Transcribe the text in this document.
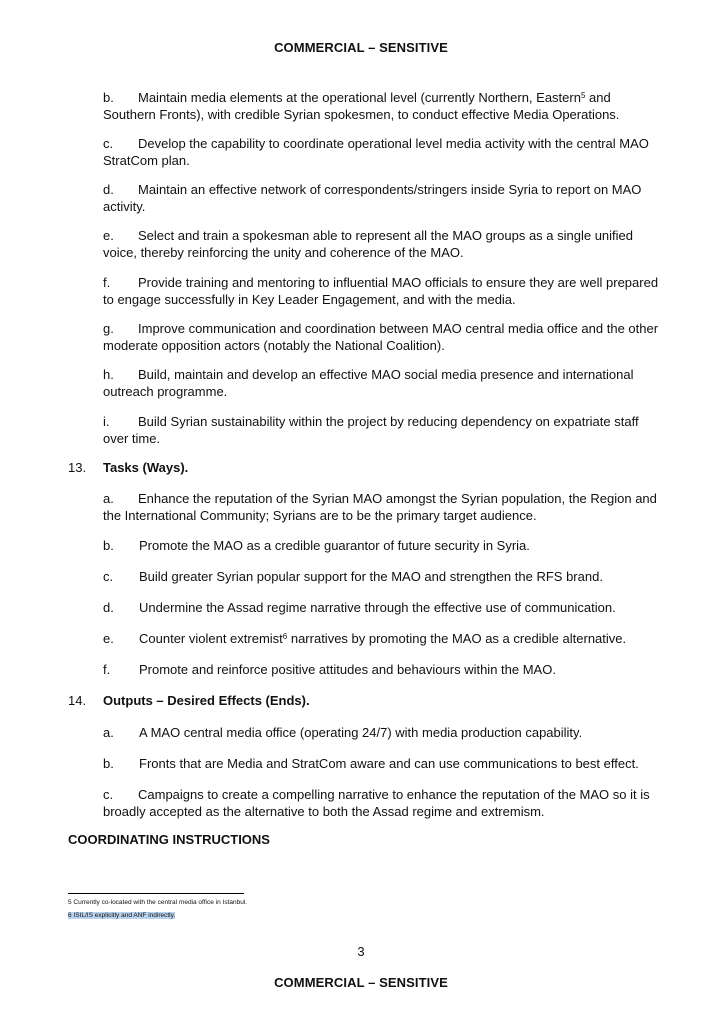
COMMERCIAL – SENSITIVE

b. Maintain media elements at the operational level (currently Northern, Eastern$^5$ and Southern Fronts), with credible Syrian spokesmen, to conduct effective Media Operations.

c. Develop the capability to coordinate operational level media activity with the central MAO StratCom plan.

d. Maintain an effective network of correspondents/stringers inside Syria to report on MAO activity.

e. Select and train a spokesman able to represent all the MAO groups as a single unified voice, thereby reinforcing the unity and coherence of the MAO.

f. Provide training and mentoring to influential MAO officials to ensure they are well prepared to engage successfully in Key Leader Engagement, and with the media.

g. Improve communication and coordination between MAO central media office and the other moderate opposition actors (notably the National Coalition).

h. Build, maintain and develop an effective MAO social media presence and international outreach programme.

i. Build Syrian sustainability within the project by reducing dependency on expatriate staff over time.

13. Tasks (Ways).

a. Enhance the reputation of the Syrian MAO amongst the Syrian population, the Region and the International Community; Syrians are to be the primary target audience.

b. Promote the MAO as a credible guarantor of future security in Syria.

c. Build greater Syrian popular support for the MAO and strengthen the RFS brand.

d. Undermine the Assad regime narrative through the effective use of communication.

e. Counter violent extremist$^6$ narratives by promoting the MAO as a credible alternative.

f. Promote and reinforce positive attitudes and behaviours within the MAO.

14. Outputs – Desired Effects (Ends).

a. A MAO central media office (operating 24/7) with media production capability.

b. Fronts that are Media and StratCom aware and can use communications to best effect.

c. Campaigns to create a compelling narrative to enhance the reputation of the MAO so it is broadly accepted as the alternative to both the Assad regime and extremism.

COORDINATING INSTRUCTIONS
5 Currently co-located with the central media office in Istanbul.
6 ISIL/IS explicitly and ANF indirectly.
3
COMMERCIAL – SENSITIVE
